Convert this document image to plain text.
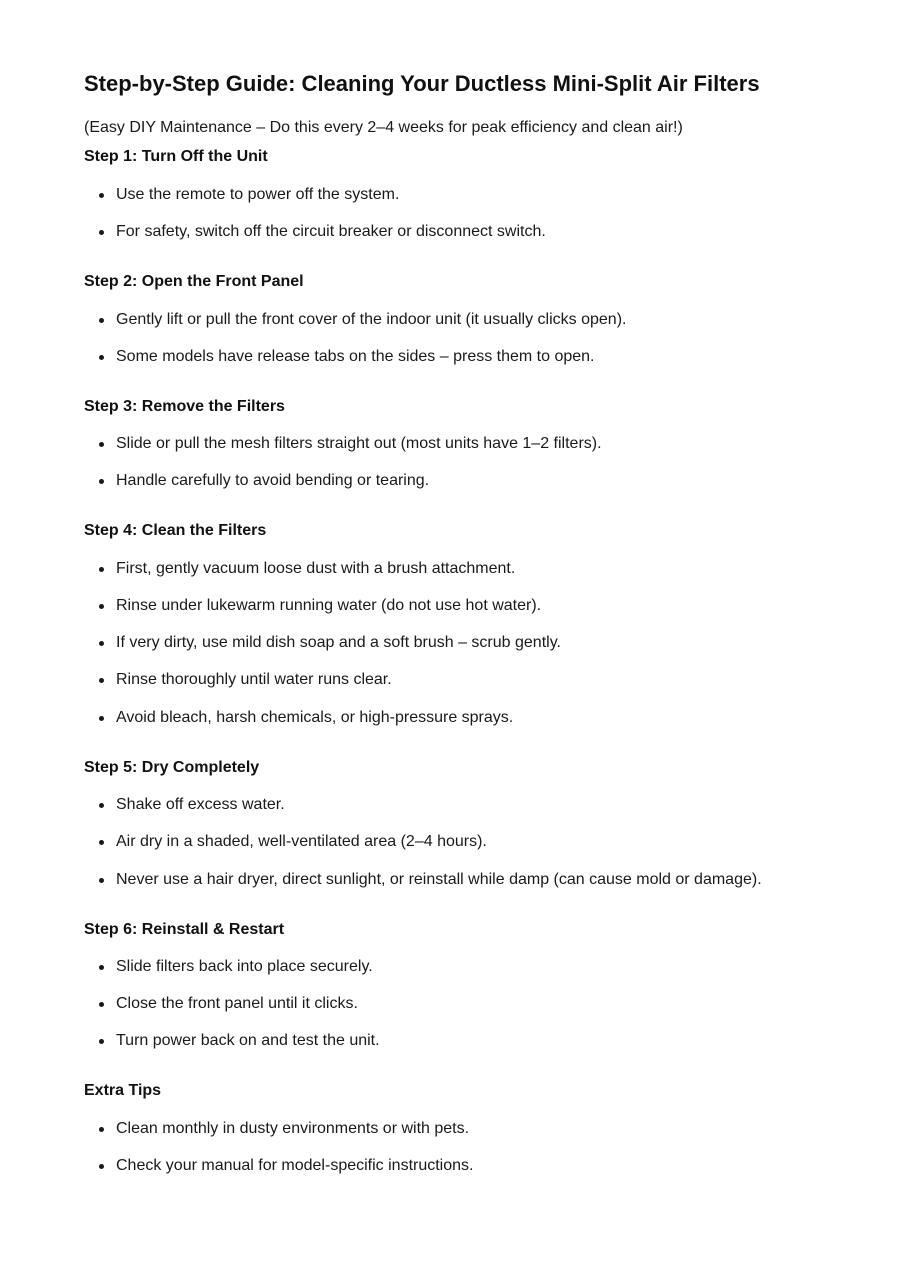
Step-by-Step Guide: Cleaning Your Ductless Mini-Split Air Filters

(Easy DIY Maintenance – Do this every 2–4 weeks for peak efficiency and clean air!)

Step 1: Turn Off the Unit

Use the remote to power off the system.

For safety, switch off the circuit breaker or disconnect switch.

Step 2: Open the Front Panel

Gently lift or pull the front cover of the indoor unit (it usually clicks open).

Some models have release tabs on the sides – press them to open.

Step 3: Remove the Filters

Slide or pull the mesh filters straight out (most units have 1–2 filters).

Handle carefully to avoid bending or tearing.

Step 4: Clean the Filters

First, gently vacuum loose dust with a brush attachment.

Rinse under lukewarm running water (do not use hot water).

If very dirty, use mild dish soap and a soft brush – scrub gently.

Rinse thoroughly until water runs clear.

Avoid bleach, harsh chemicals, or high-pressure sprays.

Step 5: Dry Completely

Shake off excess water.

Air dry in a shaded, well-ventilated area (2–4 hours).

Never use a hair dryer, direct sunlight, or reinstall while damp (can cause mold or damage).

Step 6: Reinstall & Restart

Slide filters back into place securely.

Close the front panel until it clicks.

Turn power back on and test the unit.

Extra Tips

Clean monthly in dusty environments or with pets.

Check your manual for model-specific instructions.
